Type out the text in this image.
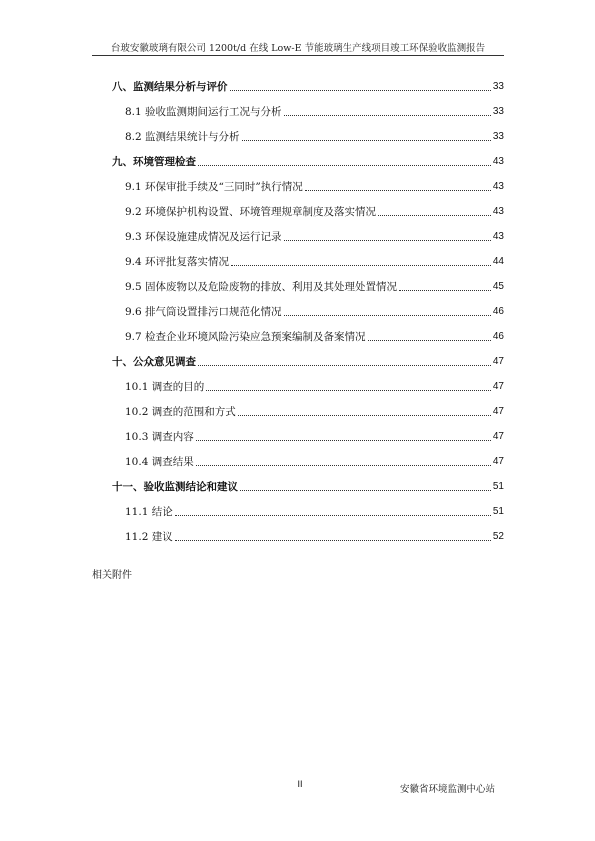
台玻安徽玻璃有限公司 1200t/d 在线 Low-E 节能玻璃生产线项目竣工环保验收监测报告
八、监测结果分析与评价	33
8.1 验收监测期间运行工况与分析	33
8.2 监测结果统计与分析	33
九、环境管理检查	43
9.1 环保审批手续及“三同时”执行情况	43
9.2 环境保护机构设置、环境管理规章制度及落实情况	43
9.3 环保设施建成情况及运行记录	43
9.4 环评批复落实情况	44
9.5 固体废物以及危险废物的排放、利用及其处理处置情况	45
9.6 排气筒设置排污口规范化情况	46
9.7 检查企业环境风险污染应急预案编制及备案情况	46
十、公众意见调查	47
10.1 调查的目的	47
10.2 调查的范围和方式	47
10.3 调查内容	47
10.4 调查结果	47
十一、验收监测结论和建议	51
11.1 结论	51
11.2 建议	52
相关附件
II	安徽省环境监测中心站
